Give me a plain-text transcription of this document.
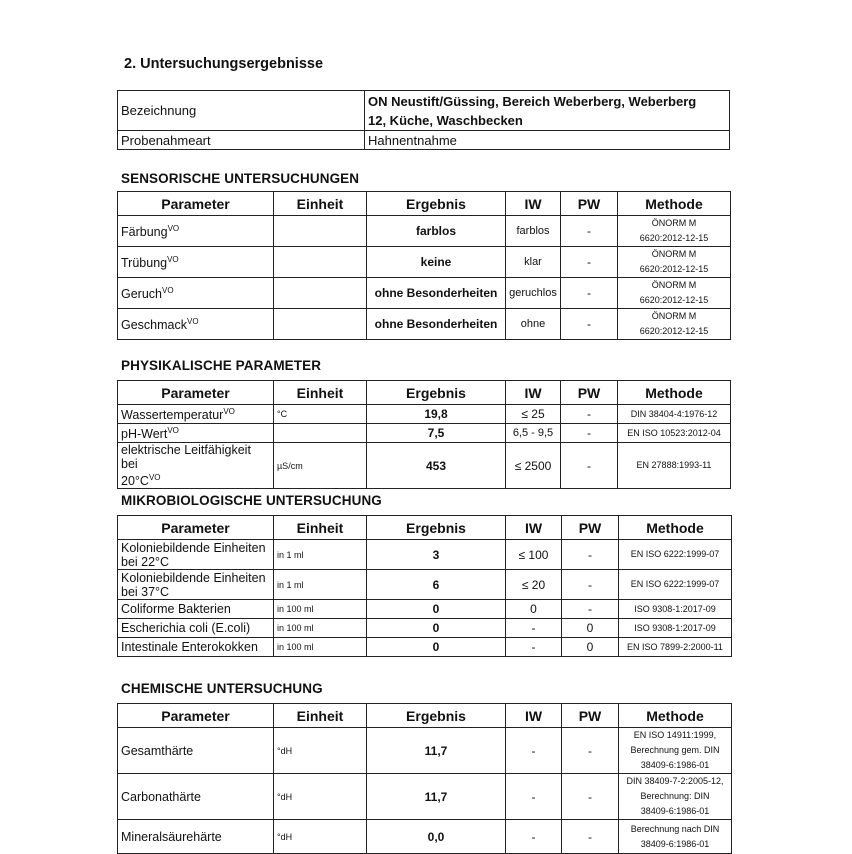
2. Untersuchungsergebnisse
Bezeichnung	ON Neustift/Güssing, Bereich Weberberg, Weberberg
12, Küche, Waschbecken

Probenahmeart	Hahnentnahme
SENSORISCHE UNTERSUCHUNGEN
Parameter	Einheit	Ergebnis	IW	PW	Methode
Färbung$^{VO}$		farblos	farblos	-	ÖNORM M
6620:2012-12-15

Trübung$^{VO}$		keine	klar	-	ÖNORM M
6620:2012-12-15

Geruch$^{VO}$		ohne Besonderheiten	geruchlos	-	ÖNORM M
6620:2012-12-15

Geschmack$^{VO}$		ohne Besonderheiten	ohne	-	ÖNORM M
6620:2012-12-15
PHYSIKALISCHE PARAMETER
Parameter	Einheit	Ergebnis	IW	PW	Methode
Wassertemperatur$^{VO}$	°C	19,8	≤ 25	-	DIN 38404-4:1976-12
pH-Wert$^{VO}$		7,5	6,5 - 9,5	-	EN ISO 10523:2012-04

elektrische Leitfähigkeit bei
$20^\circ C^{VO}$	µS/cm	453	≤ 2500	-	EN 27888:1993-11
MIKROBIOLOGISCHE UNTERSUCHUNG
Parameter	Einheit	Ergebnis	IW	PW	Methode

Koloniebildende Einheiten
bei 22°C	in 1 ml	3	≤ 100	-	EN ISO 6222:1999-07

Koloniebildende Einheiten
bei 37°C	in 1 ml	6	≤ 20	-	EN ISO 6222:1999-07
Coliforme Bakterien	in 100 ml	0	0	-	ISO 9308-1:2017-09
Escherichia coli (E.coli)	in 100 ml	0	-	0	ISO 9308-1:2017-09
Intestinale Enterokokken	in 100 ml	0	-	0	EN ISO 7899-2:2000-11
CHEMISCHE UNTERSUCHUNG
Parameter	Einheit	Ergebnis	IW	PW	Methode
Gesamthärte	°dH	11,7	-	-	EN ISO 14911:1999,
Berechnung gem. DIN
38409-6:1986-01

Carbonathärte	°dH	11,7	-	-	DIN 38409-7-2:2005-12,
Berechnung: DIN
38409-6:1986-01

Mineralsäurehärte	°dH	0,0	-	-	Berechnung nach DIN
38409-6:1986-01
